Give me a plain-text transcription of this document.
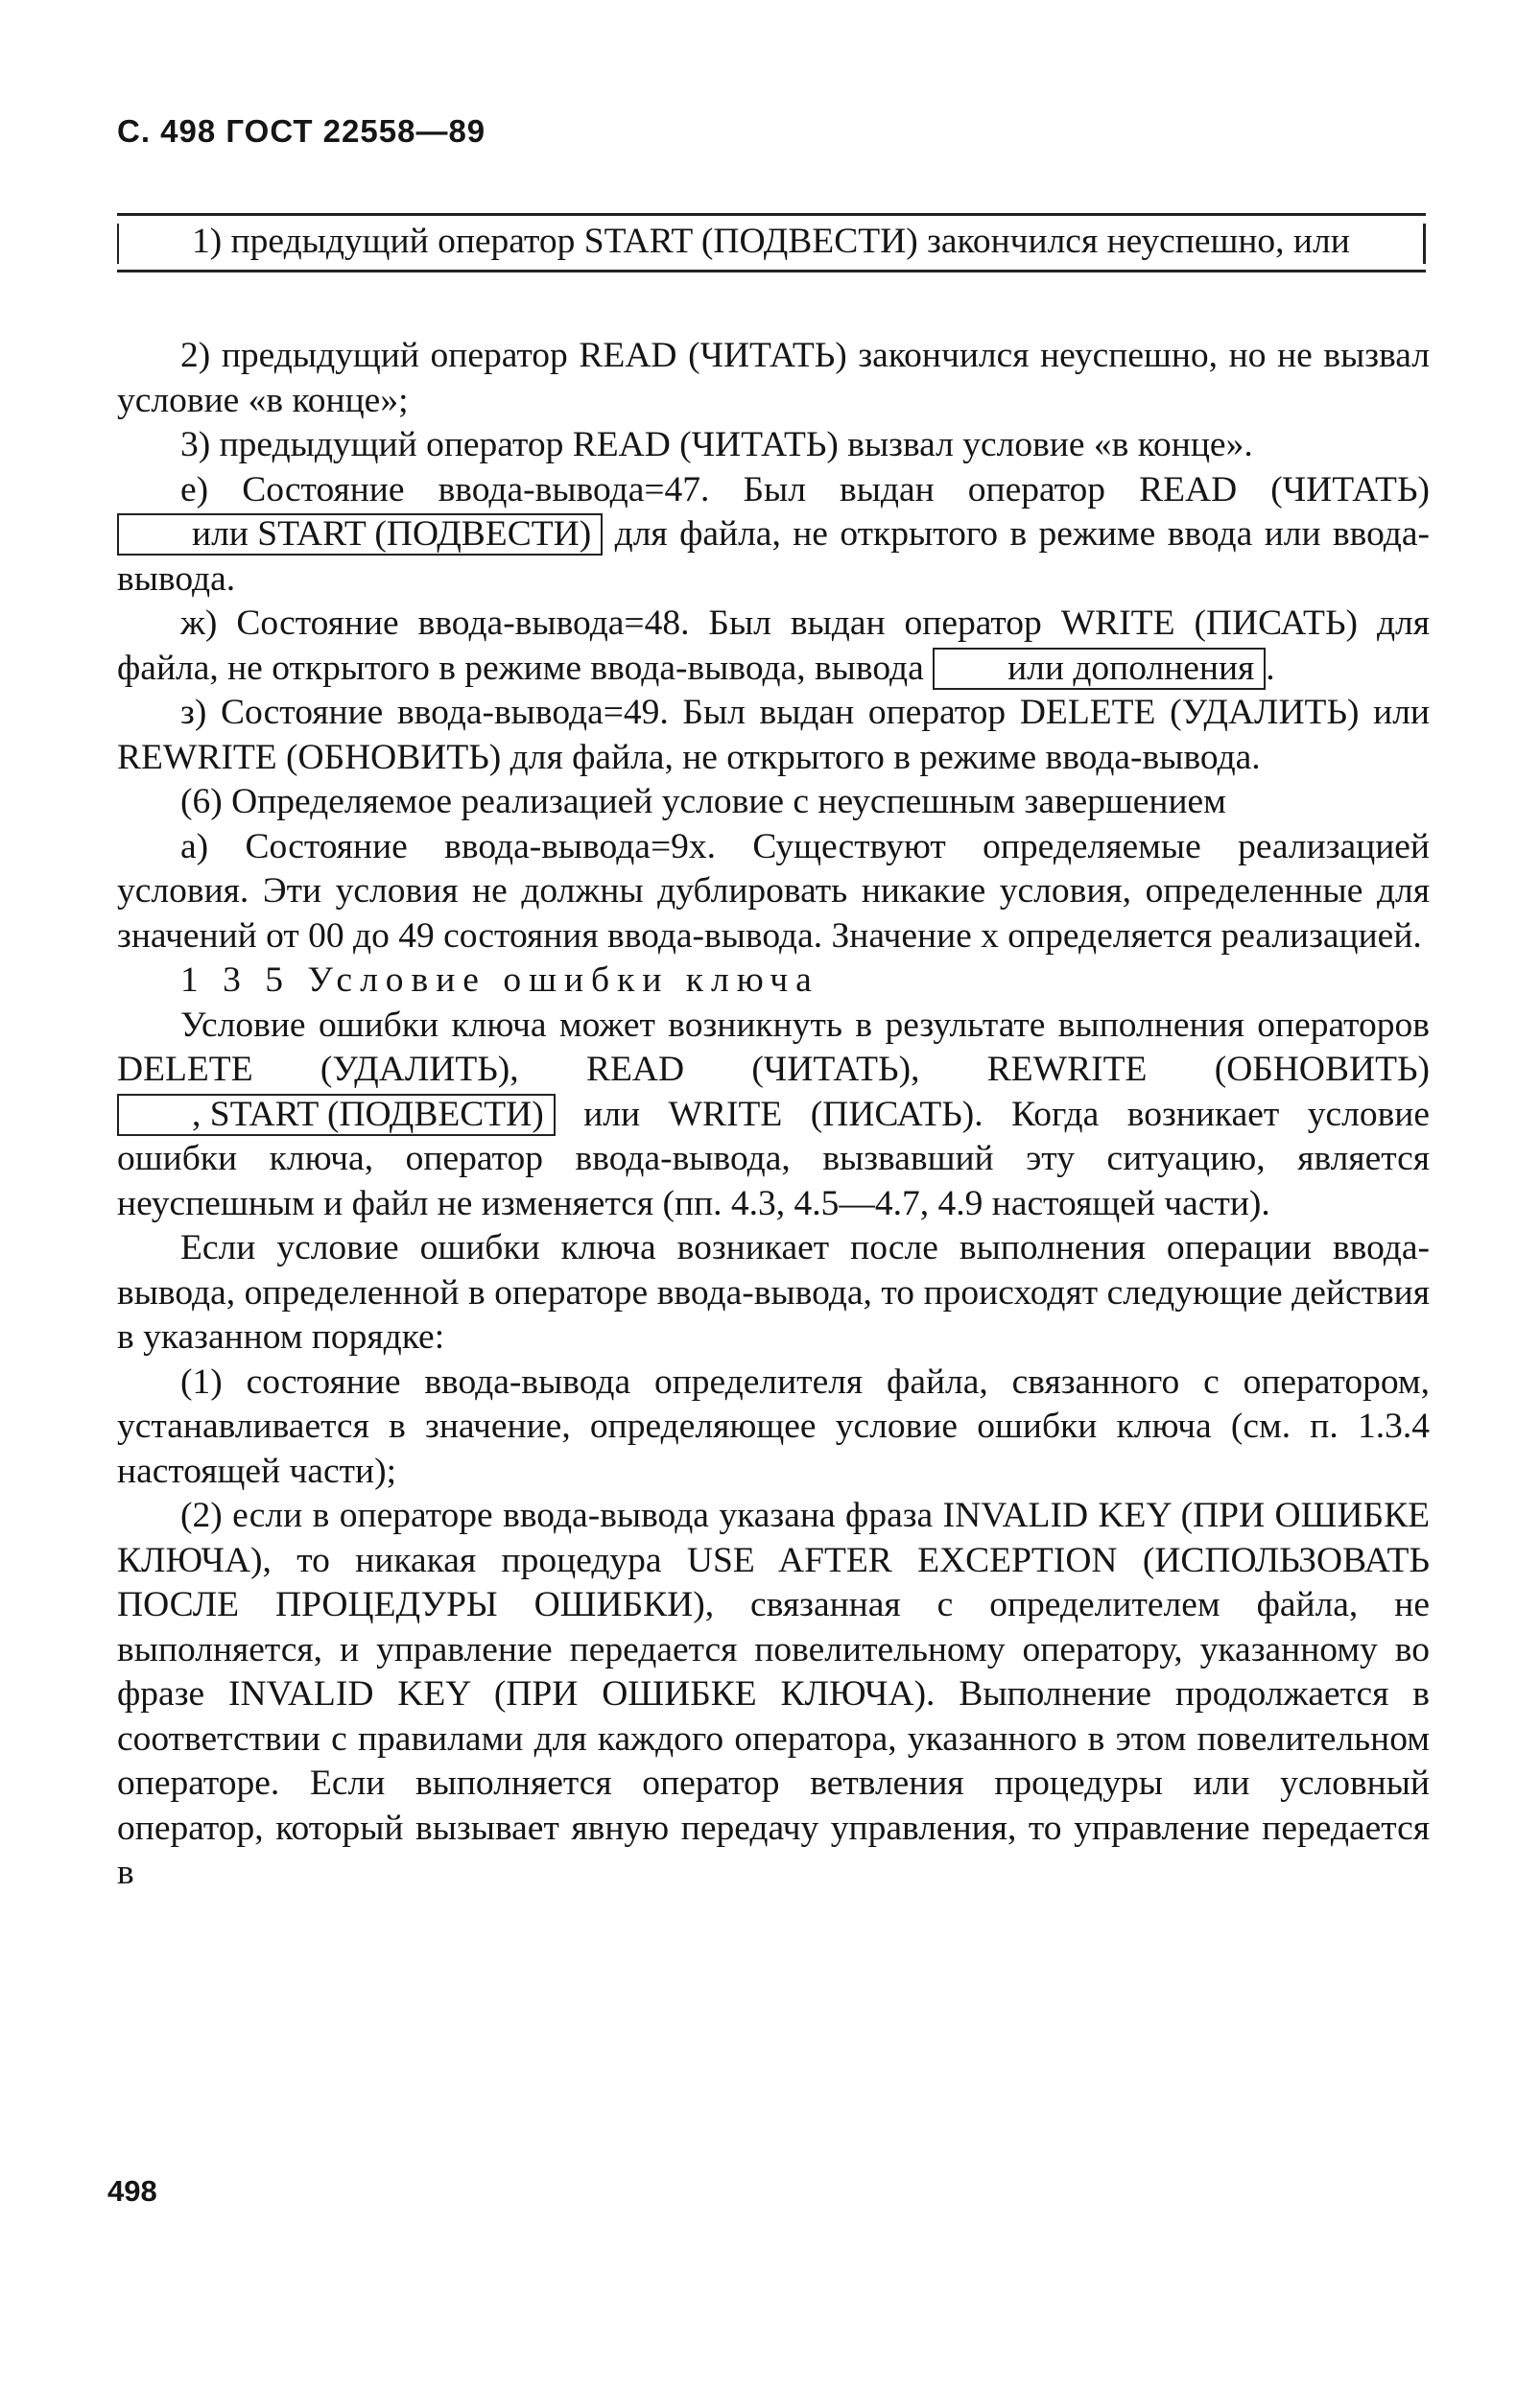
С. 498 ГОСТ 22558—89
1) предыдущий оператор START (ПОДВЕСТИ) закончился неуспешно, или

2) предыдущий оператор READ (ЧИТАТЬ) закончился неуспешно, но не вызвал условие «в конце»;

3) предыдущий оператор READ (ЧИТАТЬ) вызвал условие «в конце».

е) Состояние ввода-вывода=47. Был выдан оператор READ (ЧИТАТЬ) или START (ПОДВЕСТИ) для файла, не открытого в режиме ввода или ввода-вывода.

ж) Состояние ввода-вывода=48. Был выдан оператор WRITE (ПИСАТЬ) для файла, не открытого в режиме ввода-вывода, вывода или дополнения .

з) Состояние ввода-вывода=49. Был выдан оператор DELETE (УДАЛИТЬ) или REWRITE (ОБНОВИТЬ) для файла, не открытого в режиме ввода-вывода.

(6) Определяемое реализацией условие с неуспешным завершением

а) Состояние ввода-вывода=9х. Существуют определяемые реализацией условия. Эти условия не должны дублировать никакие условия, определенные для значений от 00 до 49 состояния ввода-вывода. Значение х определяется реализацией.

1 3 5 Условие ошибки ключа

Условие ошибки ключа может возникнуть в результате выполнения операторов DELETE (УДАЛИТЬ), READ (ЧИТАТЬ), REWRITE (ОБНОВИТЬ) , START (ПОДВЕСТИ) или WRITE (ПИСАТЬ). Когда возникает условие ошибки ключа, оператор ввода-вывода, вызвавший эту ситуацию, является неуспешным и файл не изменяется (пп. 4.3, 4.5—4.7, 4.9 настоящей части).

Если условие ошибки ключа возникает после выполнения операции ввода-вывода, определенной в операторе ввода-вывода, то происходят следующие действия в указанном порядке:

(1) состояние ввода-вывода определителя файла, связанного с оператором, устанавливается в значение, определяющее условие ошибки ключа (см. п. 1.3.4 настоящей части);

(2) если в операторе ввода-вывода указана фраза INVALID KEY (ПРИ ОШИБКЕ КЛЮЧА), то никакая процедура USE AFTER EXCEPTION (ИСПОЛЬЗОВАТЬ ПОСЛЕ ПРОЦЕДУРЫ ОШИБКИ), связанная с определителем файла, не выполняется, и управление передается повелительному оператору, указанному во фразе INVALID KEY (ПРИ ОШИБКЕ КЛЮЧА). Выполнение продолжается в соответствии с правилами для каждого оператора, указанного в этом повелительном операторе. Если выполняется оператор ветвления процедуры или условный оператор, который вызывает явную передачу управления, то управление передается в

498
